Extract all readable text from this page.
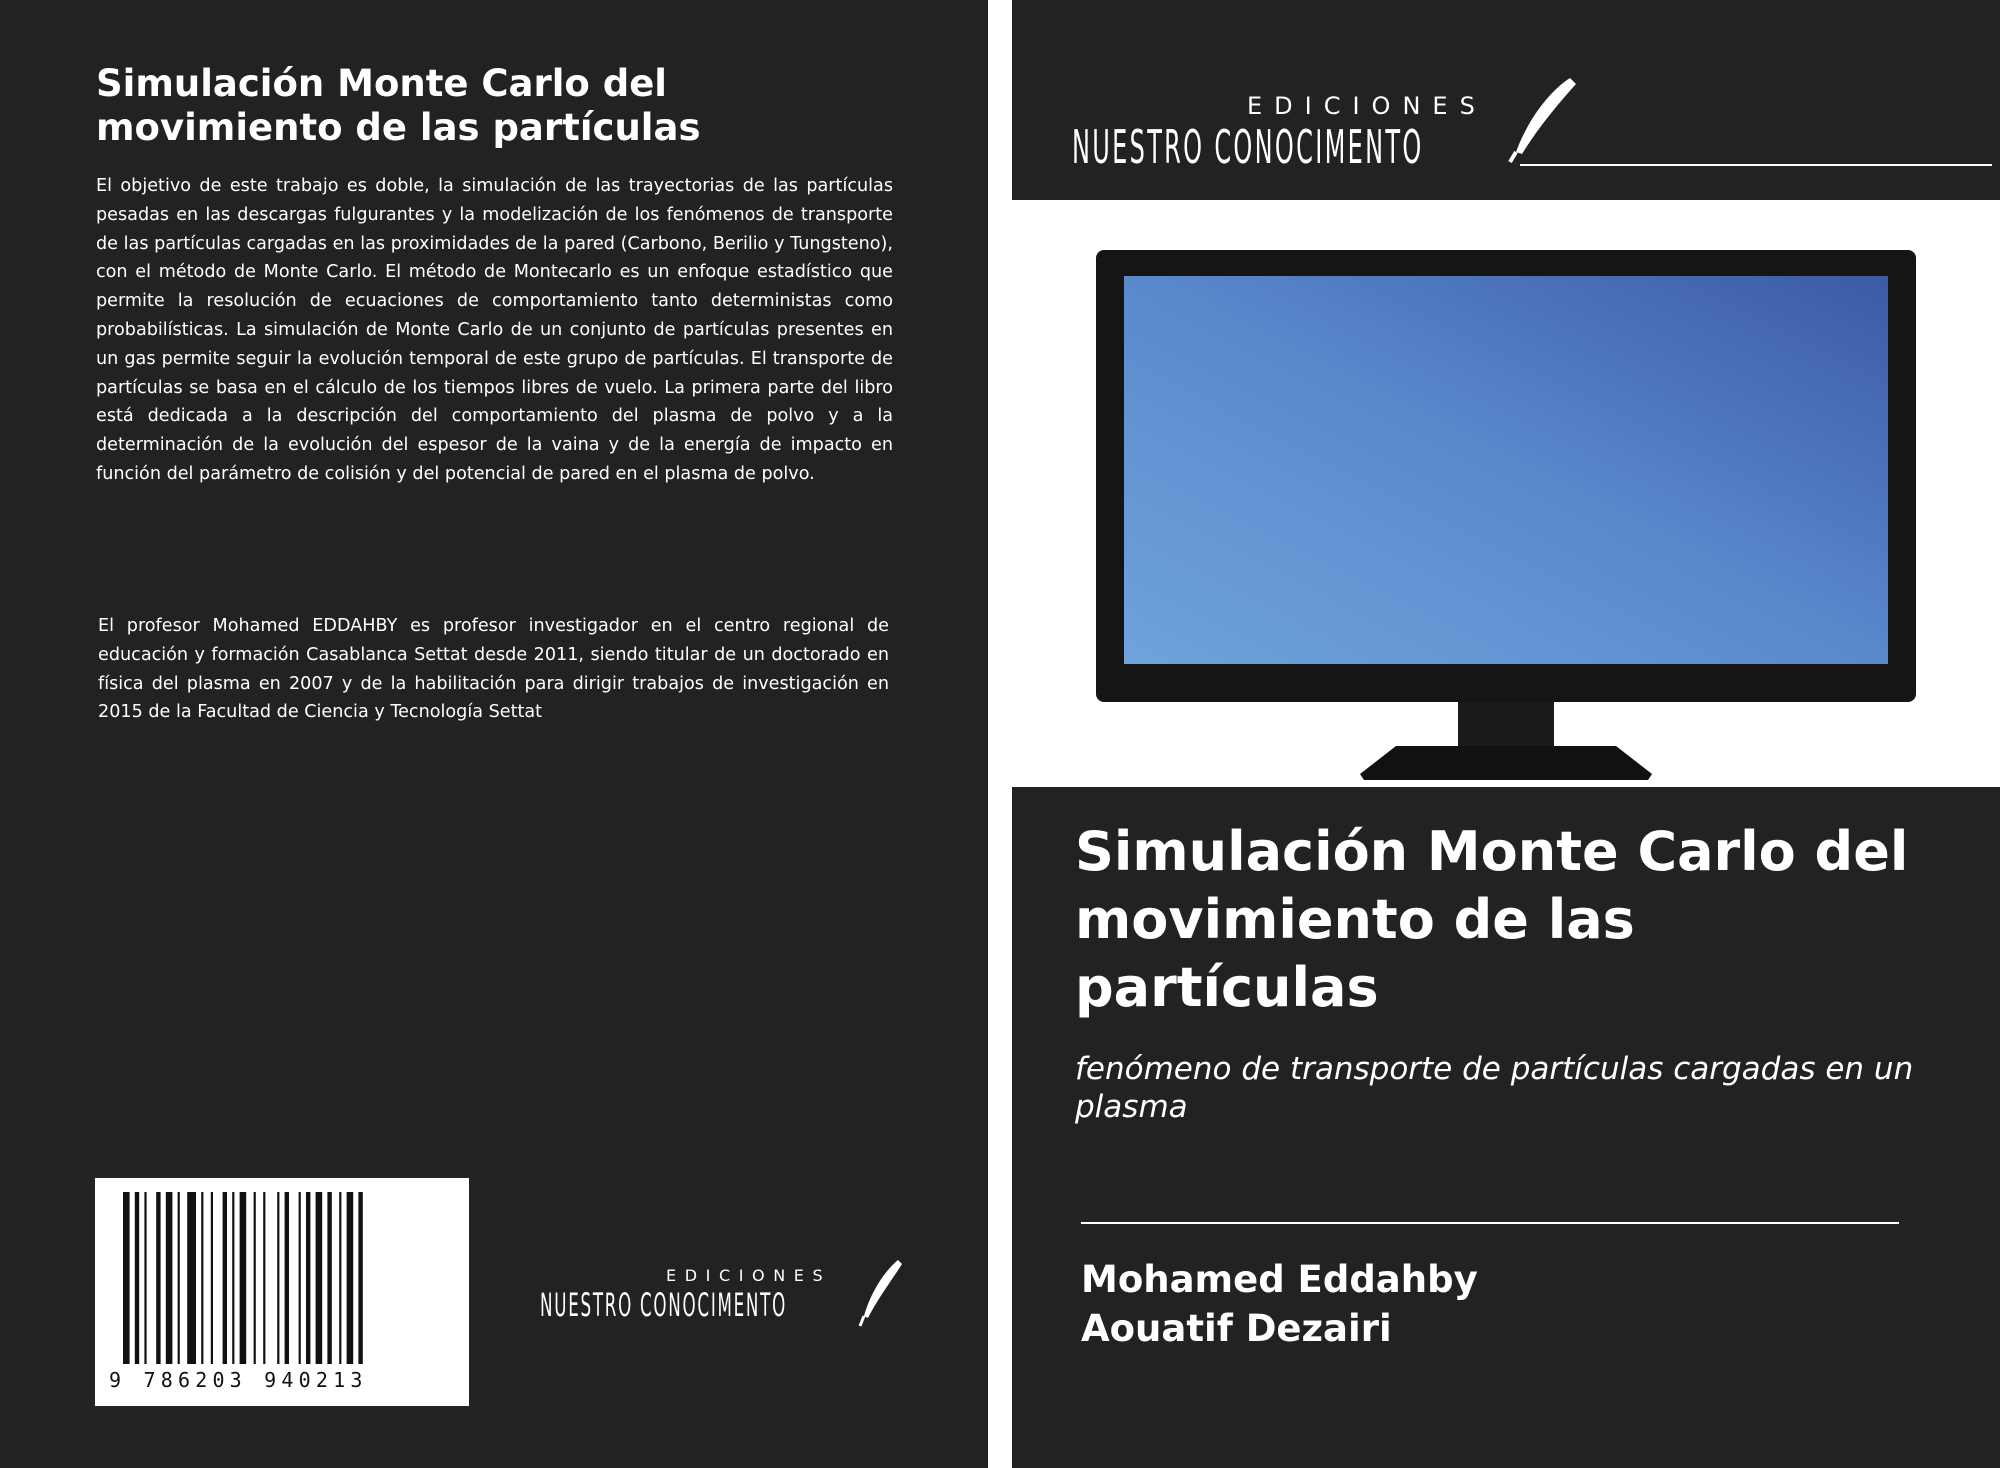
Simulación Monte Carlo del movimiento de las partículas

El objetivo de este trabajo es doble, la simulación de las trayectorias de las partículas pesadas en las descargas fulgurantes y la modelización de los fenómenos de transporte de las partículas cargadas en las proximidades de la pared (Carbono, Berilio y Tungsteno), con el método de Monte Carlo. El método de Montecarlo es un enfoque estadístico que permite la resolución de ecuaciones de comportamiento tanto deterministas como probabilísticas. La simulación de Monte Carlo de un conjunto de partículas presentes en un gas permite seguir la evolución temporal de este grupo de partículas. El transporte de partículas se basa en el cálculo de los tiempos libres de vuelo. La primera parte del libro está dedicada a la descripción del comportamiento del plasma de polvo y a la determinación de la evolución del espesor de la vaina y de la energía de impacto en función del parámetro de colisión y del potencial de pared en el plasma de polvo.

El profesor Mohamed EDDAHBY es profesor investigador en el centro regional de educación y formación Casablanca Settat desde 2011, siendo titular de un doctorado en física del plasma en 2007 y de la habilitación para dirigir trabajos de investigación en 2015 de la Facultad de Ciencia y Tecnología Settat

9 786203 940213
EDICIONES
NUESTRO CONOCIMENTO
EDICIONES
NUESTRO CONOCIMENTO
Simulación Monte Carlo del movimiento de las partículas

fenómeno de transporte de partículas cargadas en un plasma

Mohamed Eddahby

Aouatif Dezairi
